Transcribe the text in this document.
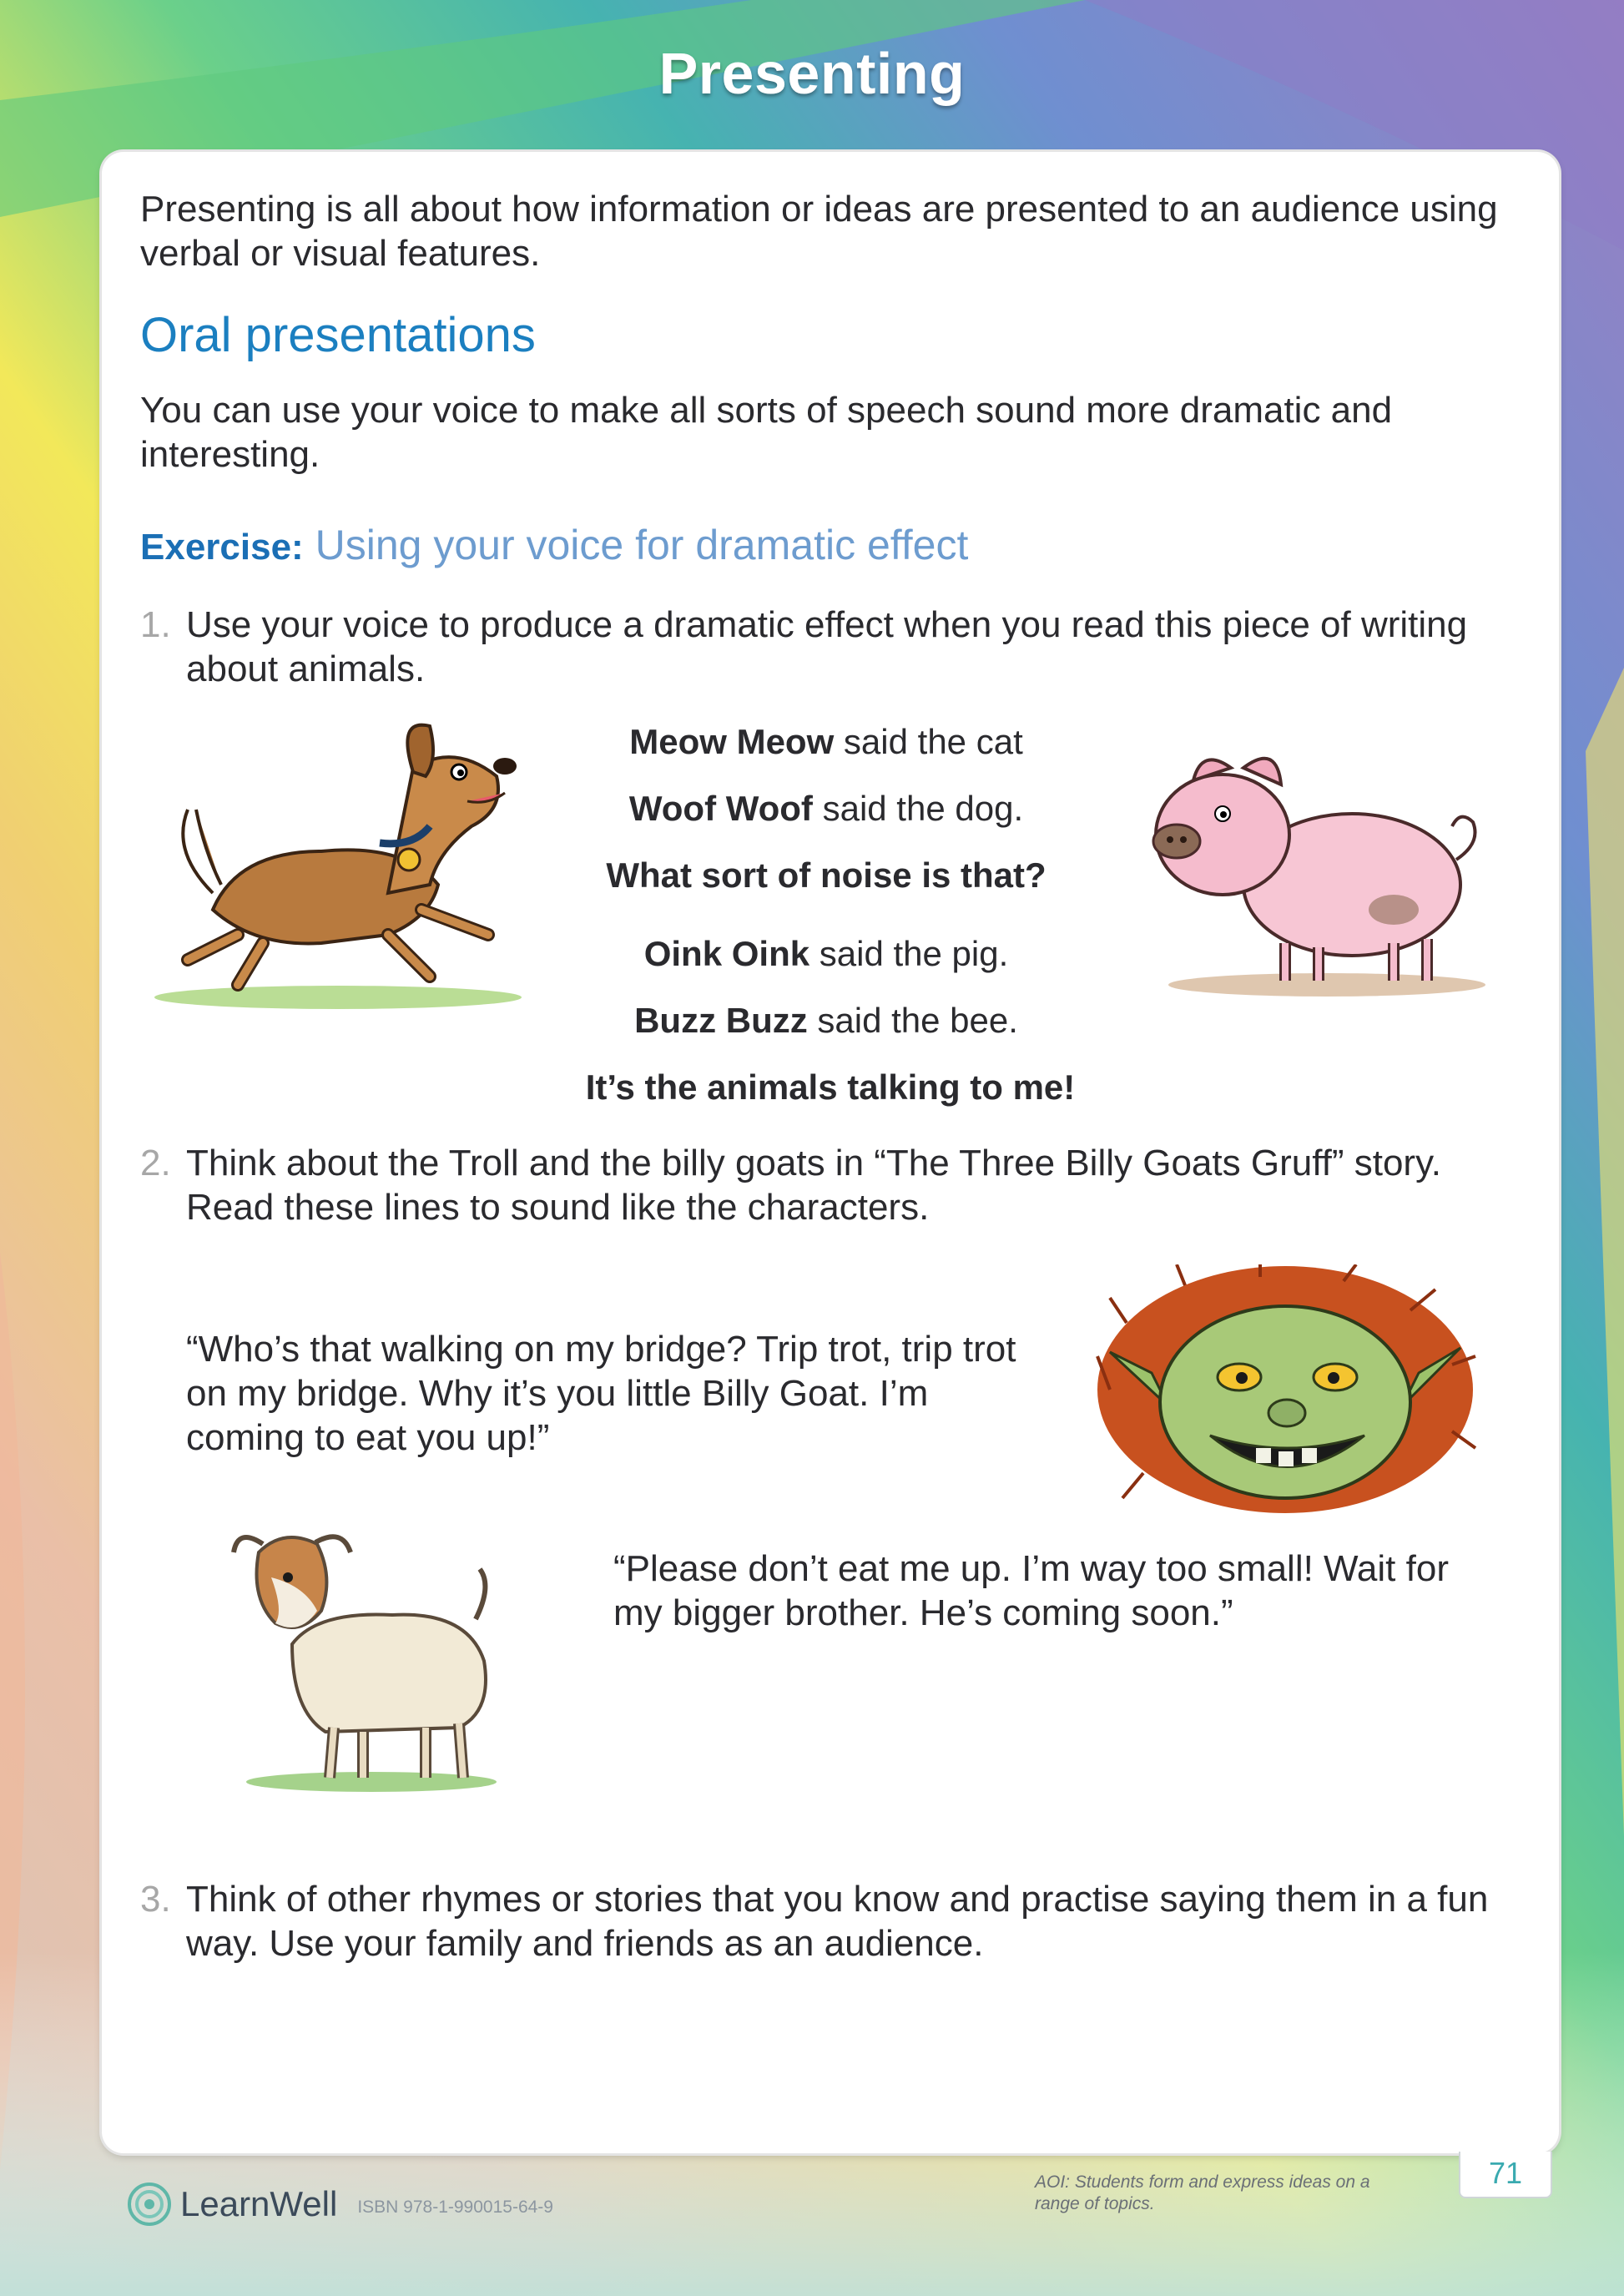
Presenting
Presenting is all about how information or ideas are presented to an audience using verbal or visual features.
Oral presentations
You can use your voice to make all sorts of speech sound more dramatic and interesting.
Exercise: Using your voice for dramatic effect
1. Use your voice to produce a dramatic effect when you read this piece of writing about animals.
Meow Meow said the cat
Woof Woof said the dog.
What sort of noise is that?
Oink Oink said the pig.
Buzz Buzz said the bee.
It’s the animals talking to me!
2. Think about the Troll and the billy goats in “The Three Billy Goats Gruff” story. Read these lines to sound like the characters.
“Who’s that walking on my bridge? Trip trot, trip trot on my bridge. Why it’s you little Billy Goat. I’m coming to eat you up!”
“Please don’t eat me up. I’m way too small! Wait for my bigger brother. He’s coming soon.”
3. Think of other rhymes or stories that you know and practise saying them in a fun way. Use your family and friends as an audience.
LearnWell ISBN 978-1-990015-64-9
AOI: Students form and express ideas on a range of topics.
71
